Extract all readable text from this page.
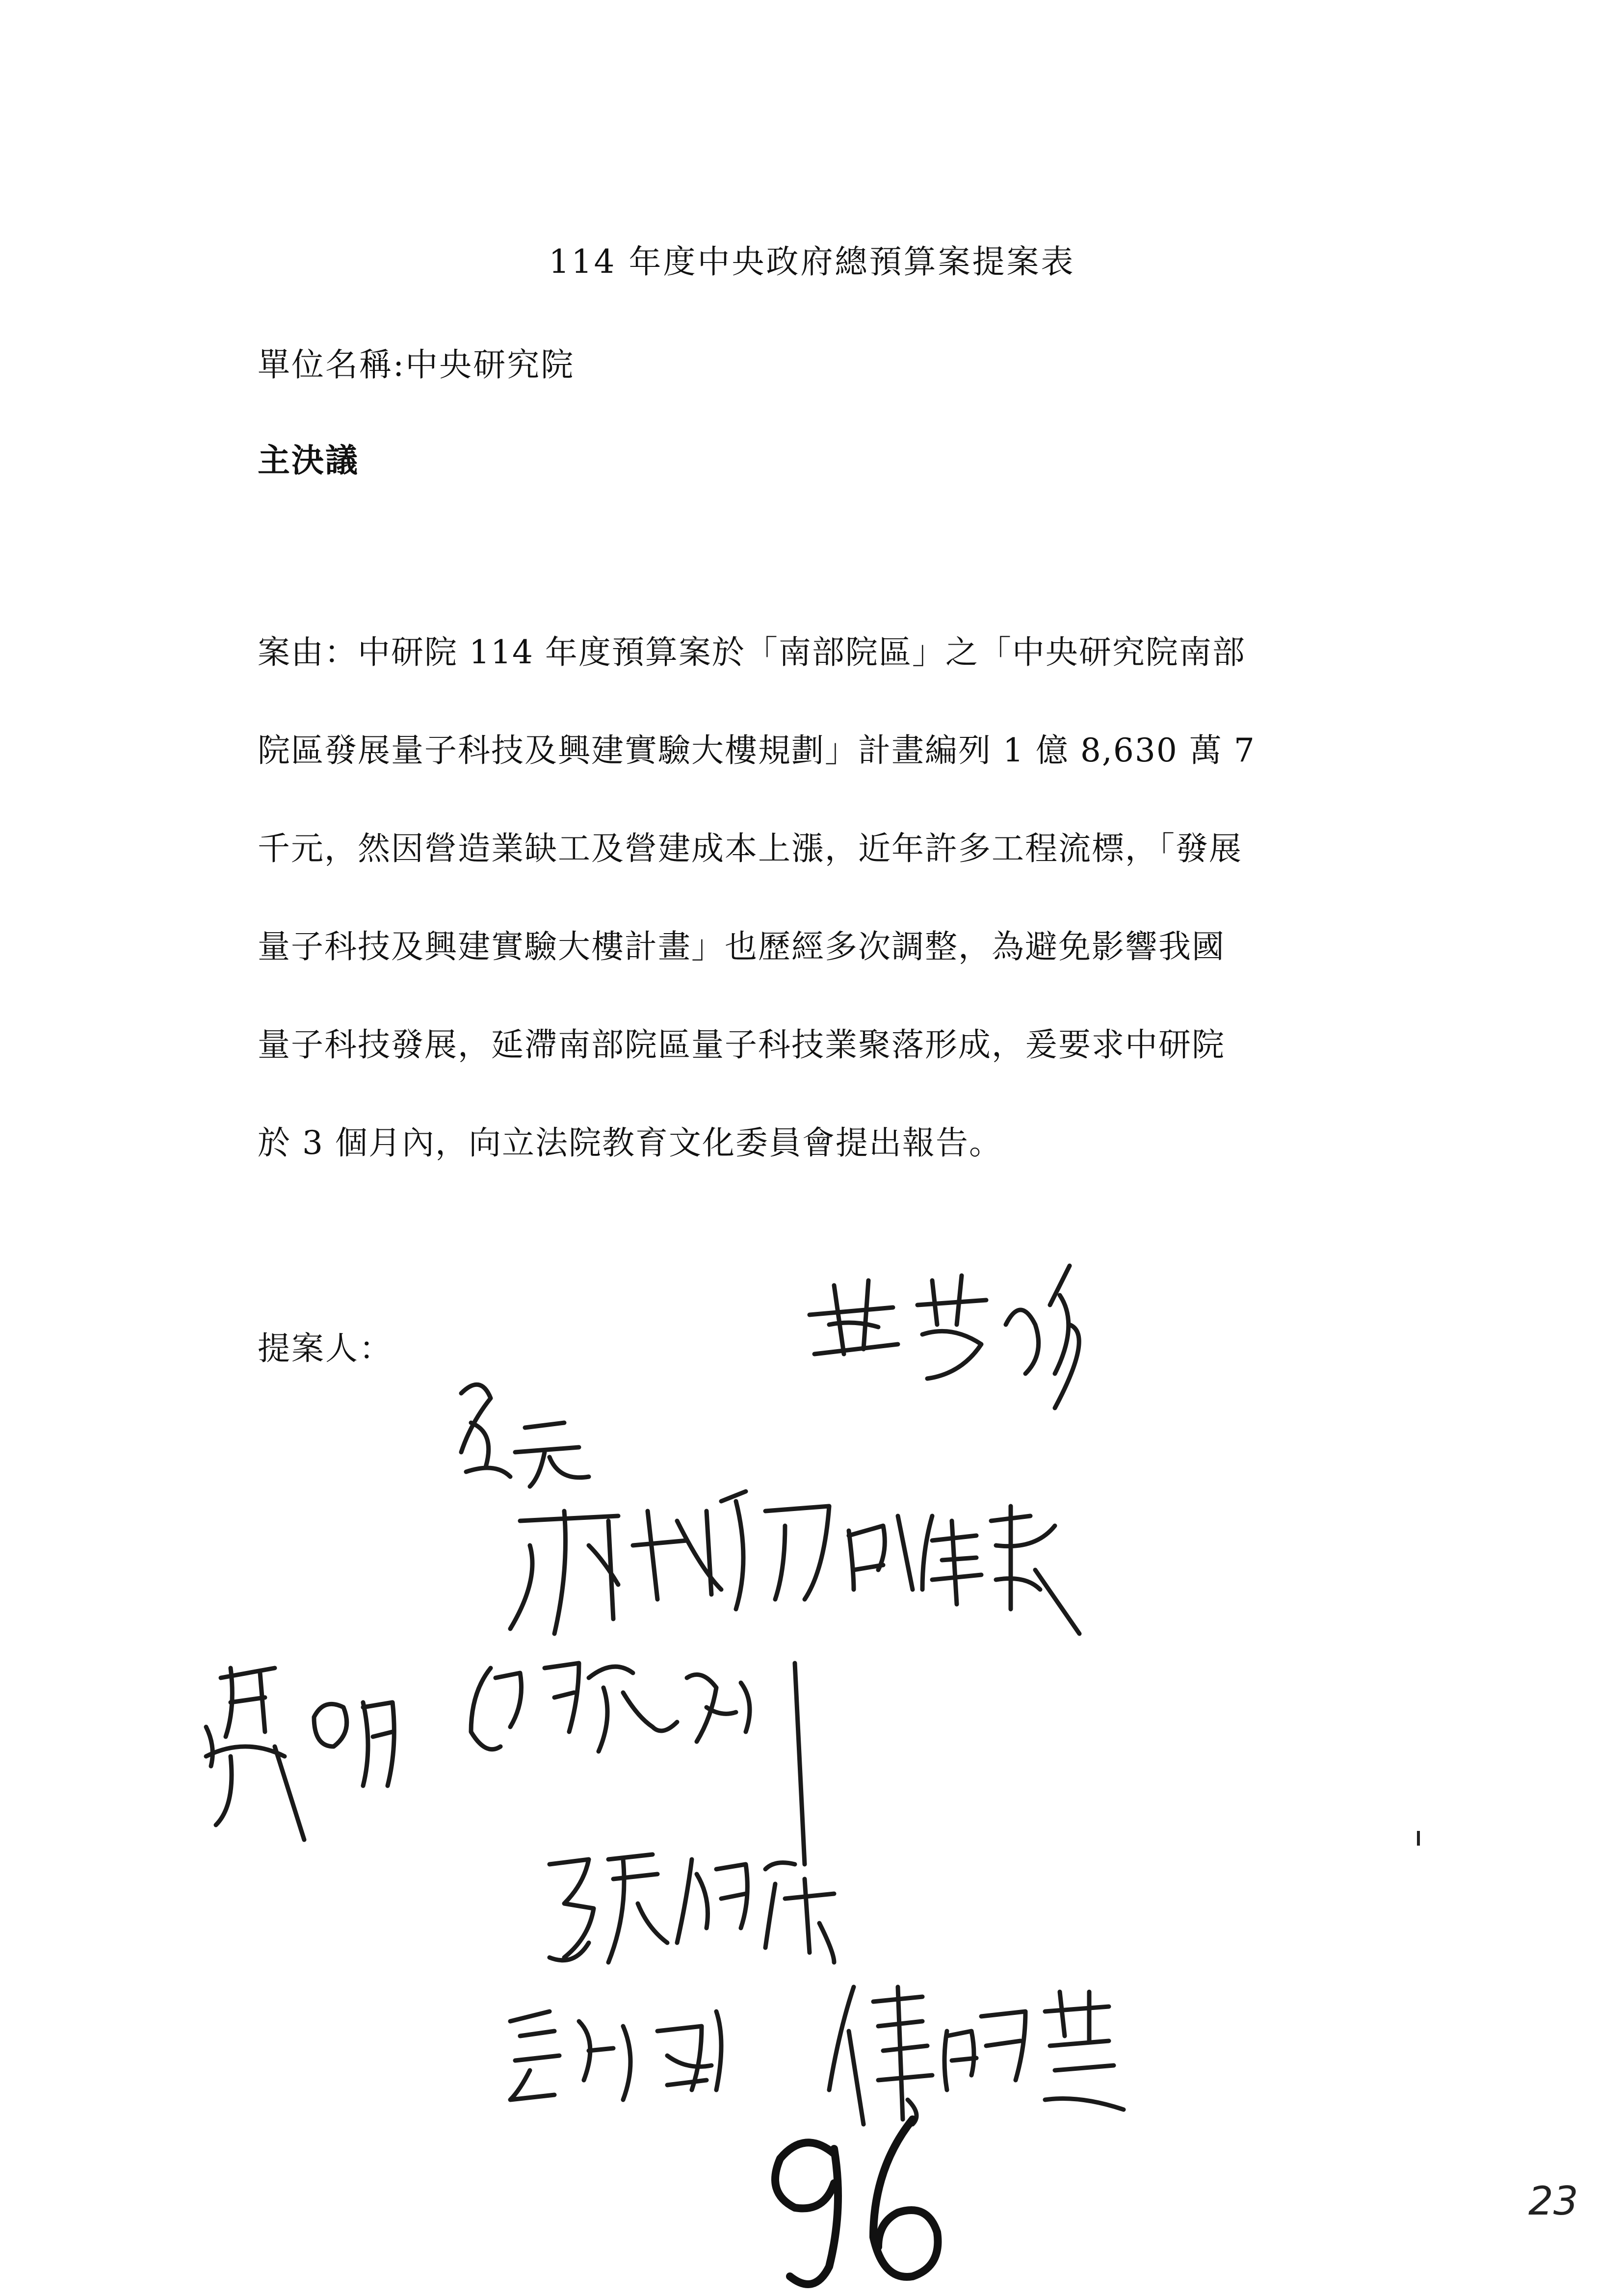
114 年度中央政府總預算案提案表
單位名稱:中央研究院
主決議
案由：中研院 114 年度預算案於「南部院區」之「中央研究院南部
院區發展量子科技及興建實驗大樓規劃」計畫編列 1 億 8,630 萬 7
千元，然因營造業缺工及營建成本上漲，近年許多工程流標，「發展
量子科技及興建實驗大樓計畫」也歷經多次調整，為避免影響我國
量子科技發展，延滯南部院區量子科技業聚落形成，爰要求中研院
於 3 個月內，向立法院教育文化委員會提出報告。
提案人：
23
